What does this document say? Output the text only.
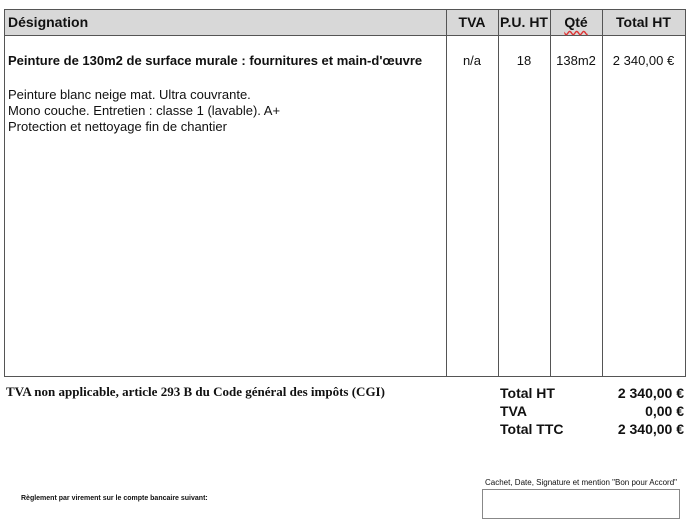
Désignation	TVA	P.U. HT	Qté	Total HT
Peinture de 130m2 de surface murale : fournitures et main-d'œuvre	n/a	18	138m2	2 340,00 €
Peinture blanc neige mat. Ultra couvrante.
Mono couche. Entretien : classe 1 (lavable). A+
Protection et nettoyage fin de chantier
TVA non applicable, article 293 B du Code général des impôts (CGI)	Total HT	2 340,00 €
TVA	0,00 €
Total TTC	2 340,00 €
Cachet, Date, Signature et mention "Bon pour Accord"
Règlement par virement sur le compte bancaire suivant:
